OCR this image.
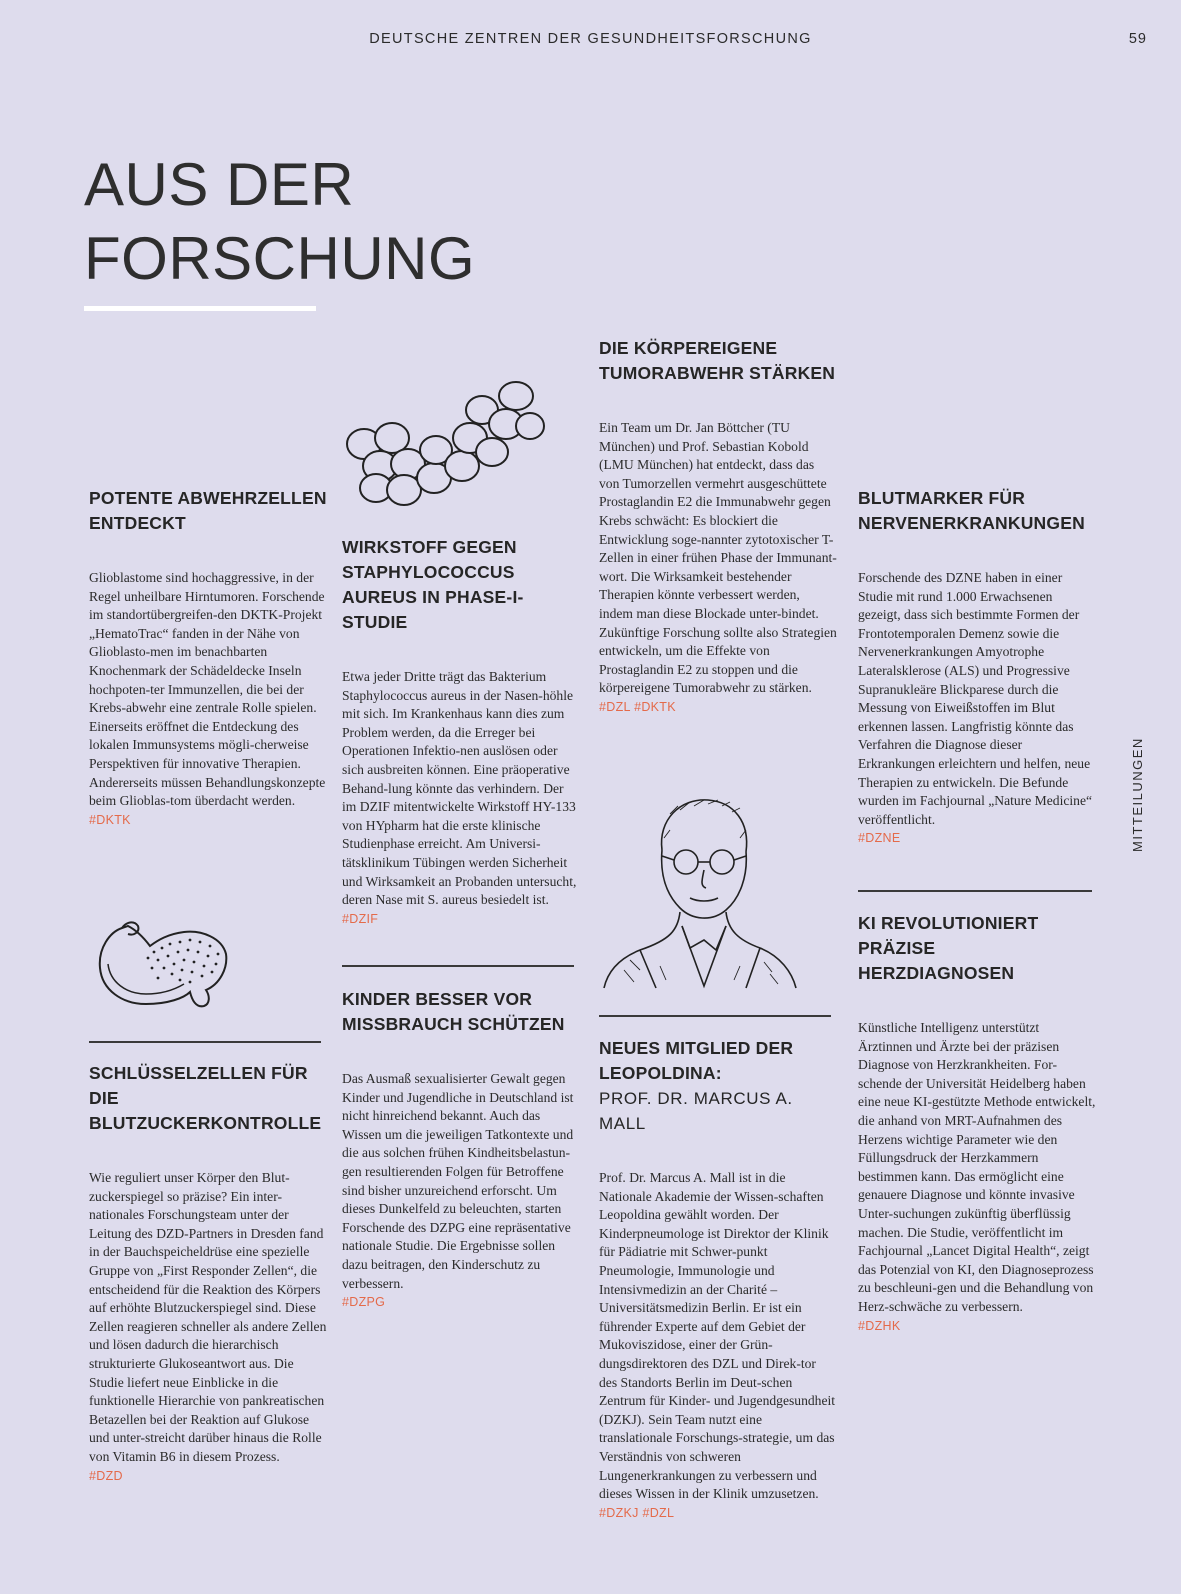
DEUTSCHE ZENTREN DER GESUNDHEITSFORSCHUNG	59
AUS DER
FORSCHUNG
MITTEILUNGEN
POTENTE ABWEHRZELLEN ENTDECKT

Glioblastome sind hochaggressive, in der Regel unheilbare Hirntumoren. Forschende im standortübergreifen-den DKTK-Projekt „HematoTrac“ fanden in der Nähe von Glioblasto-men im benachbarten Knochenmark der Schädeldecke Inseln hochpoten-ter Immunzellen, die bei der Krebs-abwehr eine zentrale Rolle spielen. Einerseits eröffnet die Entdeckung des lokalen Immunsystems mögli-cherweise Perspektiven für innovative Therapien. Andererseits müssen Behandlungskonzepte beim Glioblas-tom überdacht werden.

#DKTK
SCHLÜSSELZELLEN FÜR DIE BLUTZUCKERKONTROLLE

Wie reguliert unser Körper den Blut-zuckerspiegel so präzise? Ein inter-nationales Forschungsteam unter der Leitung des DZD-Partners in Dresden fand in der Bauchspeicheldrüse eine spezielle Gruppe von „First Responder Zellen“, die entscheidend für die Reaktion des Körpers auf erhöhte Blutzuckerspiegel sind. Diese Zellen reagieren schneller als andere Zellen und lösen dadurch die hierarchisch strukturierte Glukoseantwort aus. Die Studie liefert neue Einblicke in die funktionelle Hierarchie von pankreatischen Betazellen bei der Reaktion auf Glukose und unter-streicht darüber hinaus die Rolle von Vitamin B6 in diesem Prozess.

#DZD
WIRKSTOFF GEGEN STAPHYLOCOCCUS AUREUS IN PHASE-I-STUDIE

Etwa jeder Dritte trägt das Bakterium Staphylococcus aureus in der Nasen-höhle mit sich. Im Krankenhaus kann dies zum Problem werden, da die Erreger bei Operationen Infektio-nen auslösen oder sich ausbreiten können. Eine präoperative Behand-lung könnte das verhindern. Der im DZIF mitentwickelte Wirkstoff HY-133 von HYpharm hat die erste klinische Studienphase erreicht. Am Universi-tätsklinikum Tübingen werden Sicherheit und Wirksamkeit an Probanden untersucht, deren Nase mit S. aureus besiedelt ist.

#DZIF
KINDER BESSER VOR MISSBRAUCH SCHÜTZEN

Das Ausmaß sexualisierter Gewalt gegen Kinder und Jugendliche in Deutschland ist nicht hinreichend bekannt. Auch das Wissen um die jeweiligen Tatkontexte und die aus solchen frühen Kindheitsbelastun-gen resultierenden Folgen für Betroffene sind bisher unzureichend erforscht. Um dieses Dunkelfeld zu beleuchten, starten Forschende des DZPG eine repräsentative nationale Studie. Die Ergebnisse sollen dazu beitragen, den Kinderschutz zu verbessern.

#DZPG
DIE KÖRPEREIGENE TUMORABWEHR STÄRKEN

Ein Team um Dr. Jan Böttcher (TU München) und Prof. Sebastian Kobold (LMU München) hat entdeckt, dass das von Tumorzellen vermehrt ausgeschüttete Prostaglandin E2 die Immunabwehr gegen Krebs schwächt: Es blockiert die Entwicklung soge-nannter zytotoxischer T-Zellen in einer frühen Phase der Immunant-wort. Die Wirksamkeit bestehender Therapien könnte verbessert werden, indem man diese Blockade unter-bindet. Zukünftige Forschung sollte also Strategien entwickeln, um die Effekte von Prostaglandin E2 zu stoppen und die körpereigene Tumorabwehr zu stärken.

#DZL #DKTK
NEUES MITGLIED DER LEOPOLDINA:
PROF. DR. MARCUS A. MALL

Prof. Dr. Marcus A. Mall ist in die Nationale Akademie der Wissen-schaften Leopoldina gewählt worden. Der Kinderpneumologe ist Direktor der Klinik für Pädiatrie mit Schwer-punkt Pneumologie, Immunologie und Intensivmedizin an der Charité – Universitätsmedizin Berlin. Er ist ein führender Experte auf dem Gebiet der Mukoviszidose, einer der Grün-dungsdirektoren des DZL und Direk-tor des Standorts Berlin im Deut-schen Zentrum für Kinder- und Jugendgesundheit (DZKJ). Sein Team nutzt eine translationale Forschungs-strategie, um das Verständnis von schweren Lungenerkrankungen zu verbessern und dieses Wissen in der Klinik umzusetzen.

#DZKJ #DZL
BLUTMARKER FÜR NERVENERKRANKUNGEN

Forschende des DZNE haben in einer Studie mit rund 1.000 Erwachsenen gezeigt, dass sich bestimmte Formen der Frontotemporalen Demenz sowie die Nervenerkrankungen Amyotrophe Lateralsklerose (ALS) und Progressive Supranukleäre Blickparese durch die Messung von Eiweißstoffen im Blut erkennen lassen. Langfristig könnte das Verfahren die Diagnose dieser Erkrankungen erleichtern und helfen, neue Therapien zu entwickeln. Die Befunde wurden im Fachjournal „Nature Medicine“ veröffentlicht.

#DZNE
KI REVOLUTIONIERT PRÄZISE HERZDIAGNOSEN

Künstliche Intelligenz unterstützt Ärztinnen und Ärzte bei der präzisen Diagnose von Herzkrankheiten. For-schende der Universität Heidelberg haben eine neue KI-gestützte Methode entwickelt, die anhand von MRT-Aufnahmen des Herzens wichtige Parameter wie den Füllungsdruck der Herzkammern bestimmen kann. Das ermöglicht eine genauere Diagnose und könnte invasive Unter-suchungen zukünftig überflüssig machen. Die Studie, veröffentlicht im Fachjournal „Lancet Digital Health“, zeigt das Potenzial von KI, den Diagnoseprozess zu beschleuni-gen und die Behandlung von Herz-schwäche zu verbessern.

#DZHK
